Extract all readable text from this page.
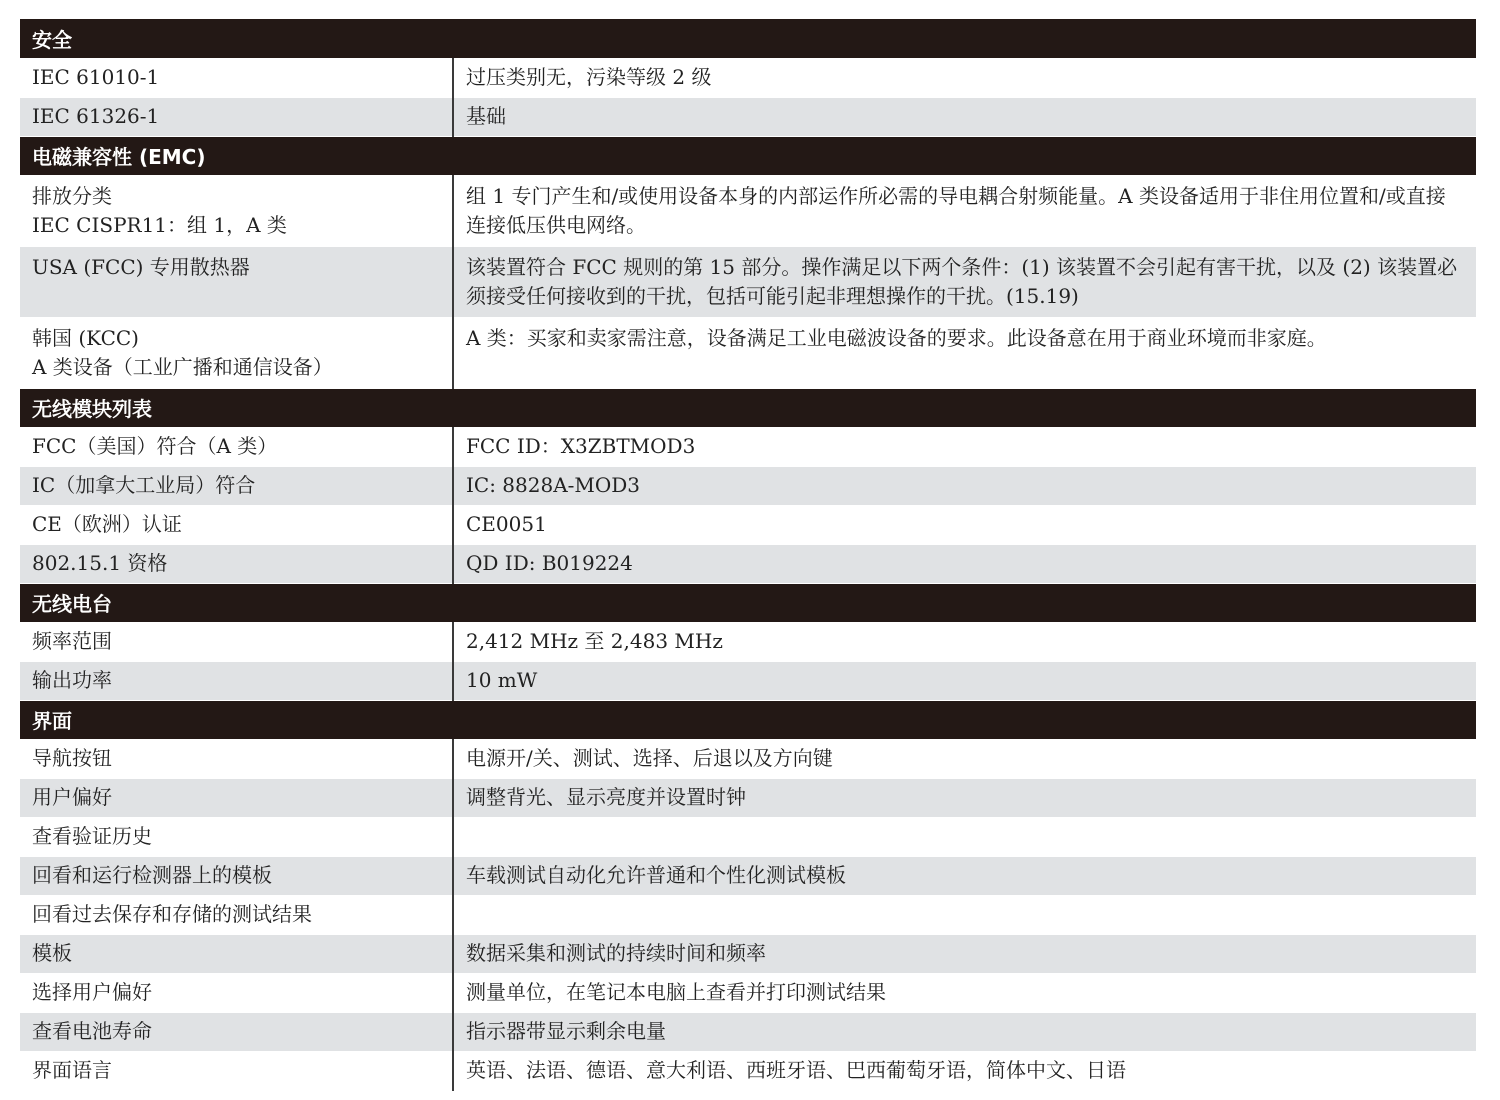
安全	

IEC 61010-1	过压类别无，污染等级 2 级

IEC 61326-1	基础

电磁兼容性 (EMC)	

排放分类
IEC CISPR11：组 1，A 类	组 1 专门产生和/或使用设备本身的内部运作所必需的导电耦合射频能量。A 类设备适用于非住用位置和/或直接连接低压供电网络。

USA (FCC) 专用散热器	该装置符合 FCC 规则的第 15 部分。操作满足以下两个条件：(1) 该装置不会引起有害干扰，以及 (2) 该装置必须接受任何接收到的干扰，包括可能引起非理想操作的干扰。(15.19)

韩国 (KCC)
A 类设备（工业广播和通信设备）	A 类：买家和卖家需注意，设备满足工业电磁波设备的要求。此设备意在用于商业环境而非家庭。

无线模块列表	

FCC（美国）符合（A 类）	FCC ID：X3ZBTMOD3

IC（加拿大工业局）符合	IC: 8828A-MOD3

CE（欧洲）认证	CE0051

802.15.1 资格	QD ID: B019224

无线电台	

频率范围	2,412 MHz 至 2,483 MHz

输出功率	10 mW

界面	

导航按钮	电源开/关、测试、选择、后退以及方向键

用户偏好	调整背光、显示亮度并设置时钟

查看验证历史	

回看和运行检测器上的模板	车载测试自动化允许普通和个性化测试模板

回看过去保存和存储的测试结果	

模板	数据采集和测试的持续时间和频率

选择用户偏好	测量单位，在笔记本电脑上查看并打印测试结果

查看电池寿命	指示器带显示剩余电量

界面语言	英语、法语、德语、意大利语、西班牙语、巴西葡萄牙语，简体中文、日语
